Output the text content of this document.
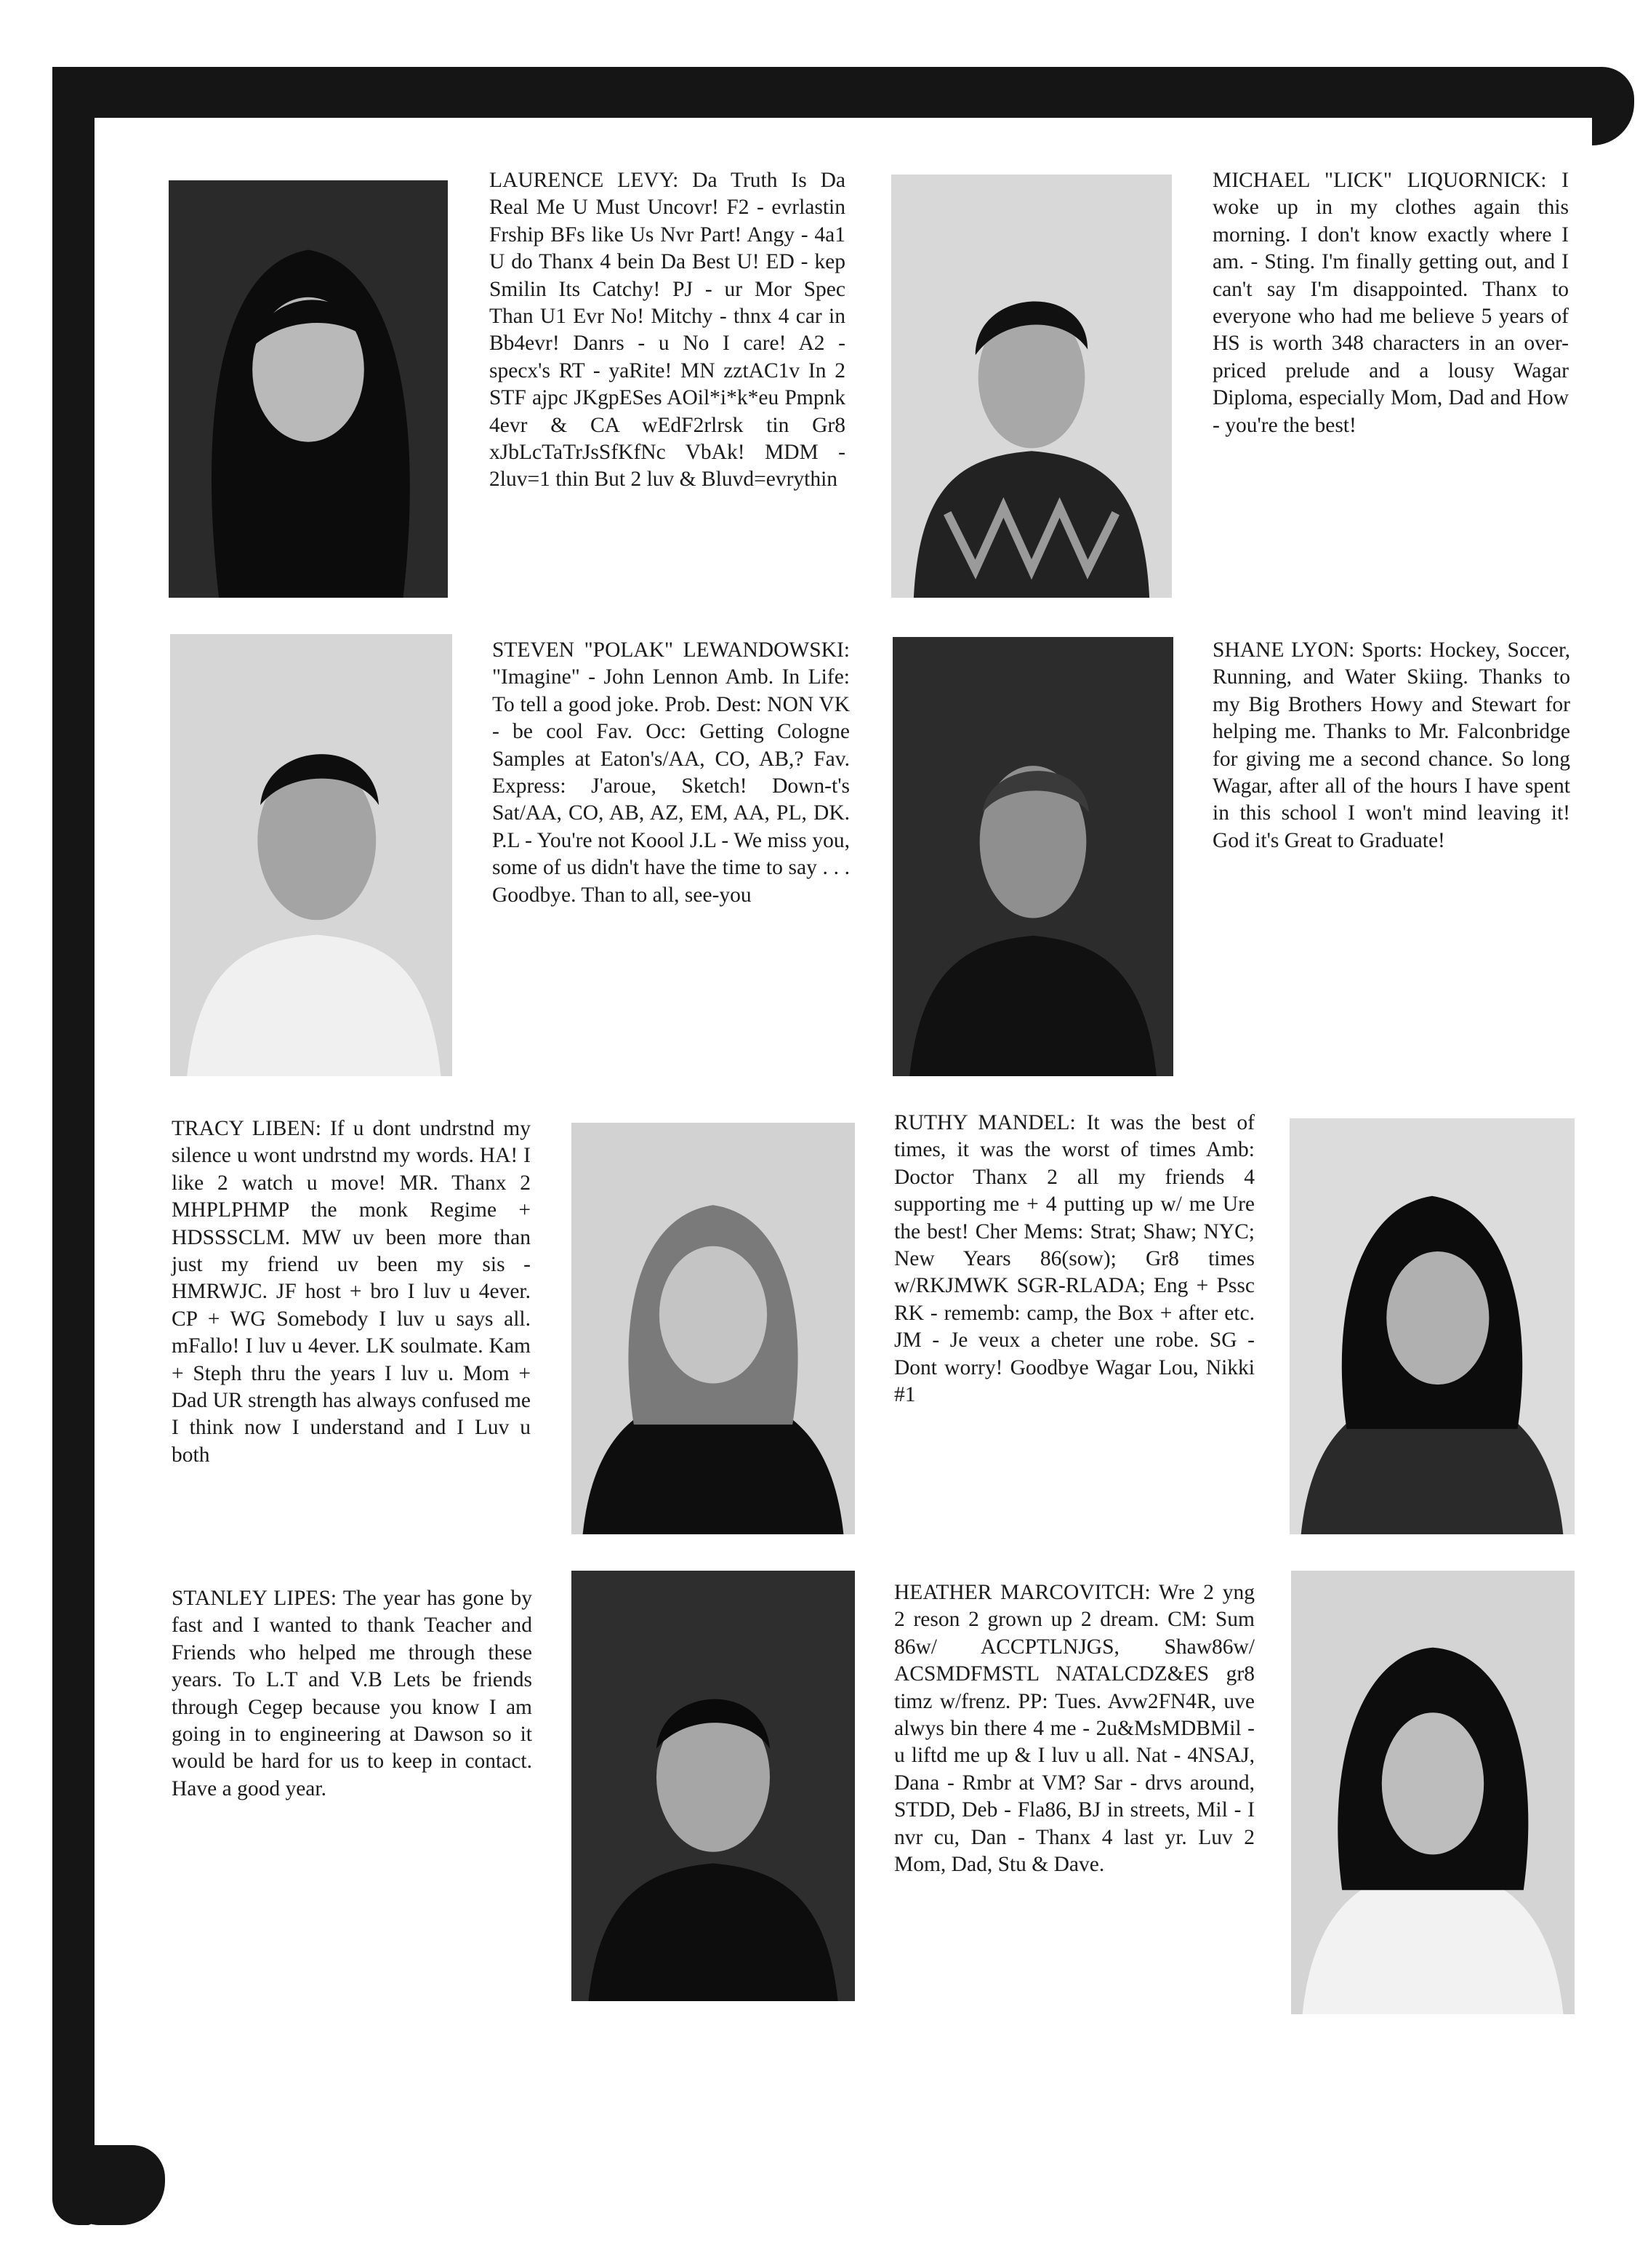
LAURENCE LEVY: Da Truth Is Da Real Me U Must Uncovr! F2 - evrlastin Frship BFs like Us Nvr Part! Angy - 4a1 U do Thanx 4 bein Da Best U! ED - kep Smilin Its Catchy! PJ - ur Mor Spec Than U1 Evr No! Mitchy - thnx 4 car in Bb4evr! Danrs - u No I care! A2 - specx's RT - yaRite! MN zztAC1v In 2 STF ajpc JKgpESes AOil*i*k*eu Pmpnk 4evr & CA wEdF2rlrsk tin Gr8 xJbLcTaTrJsSfKfNc VbAk! MDM - 2luv=1 thin But 2 luv & Bluvd=evrythin

MICHAEL "LICK" LIQUORNICK: I woke up in my clothes again this morning. I don't know exactly where I am. - Sting. I'm finally getting out, and I can't say I'm disappointed. Thanx to everyone who had me believe 5 years of HS is worth 348 characters in an over-priced prelude and a lousy Wagar Diploma, especially Mom, Dad and How - you're the best!

STEVEN "POLAK" LEWANDOWSKI: "Imagine" - John Lennon Amb. In Life: To tell a good joke. Prob. Dest: NON VK - be cool Fav. Occ: Getting Cologne Samples at Eaton's/AA, CO, AB,? Fav. Express: J'aroue, Sketch! Down-t's Sat/AA, CO, AB, AZ, EM, AA, PL, DK. P.L - You're not Koool J.L - We miss you, some of us didn't have the time to say . . . Goodbye. Than to all, see-you

SHANE LYON: Sports: Hockey, Soccer, Running, and Water Skiing. Thanks to my Big Brothers Howy and Stewart for helping me. Thanks to Mr. Falconbridge for giving me a second chance. So long Wagar, after all of the hours I have spent in this school I won't mind leaving it! God it's Great to Graduate!

TRACY LIBEN: If u dont undrstnd my silence u wont undrstnd my words. HA! I like 2 watch u move! MR. Thanx 2 MHPLPHMP the monk Regime + HDSSSCLM. MW uv been more than just my friend uv been my sis - HMRWJC. JF host + bro I luv u 4ever. CP + WG Somebody I luv u says all. mFallo! I luv u 4ever. LK soulmate. Kam + Steph thru the years I luv u. Mom + Dad UR strength has always confused me I think now I understand and I Luv u both

RUTHY MANDEL: It was the best of times, it was the worst of times Amb: Doctor Thanx 2 all my friends 4 supporting me + 4 putting up w/ me Ure the best! Cher Mems: Strat; Shaw; NYC; New Years 86(sow); Gr8 times w/RKJMWK SGR-RLADA; Eng + Pssc RK - rememb: camp, the Box + after etc. JM - Je veux a cheter une robe. SG - Dont worry! Goodbye Wagar Lou, Nikki #1

STANLEY LIPES: The year has gone by fast and I wanted to thank Teacher and Friends who helped me through these years. To L.T and V.B Lets be friends through Cegep because you know I am going in to engineering at Dawson so it would be hard for us to keep in contact. Have a good year.

HEATHER MARCOVITCH: Wre 2 yng 2 reson 2 grown up 2 dream. CM: Sum 86w/ ACCPTLNJGS, Shaw86w/ ACSMDFMSTL NATALCDZ&ES gr8 timz w/frenz. PP: Tues. Avw2FN4R, uve alwys bin there 4 me - 2u&MsMDBMil - u liftd me up & I luv u all. Nat - 4NSAJ, Dana - Rmbr at VM? Sar - drvs around, STDD, Deb - Fla86, BJ in streets, Mil - I nvr cu, Dan - Thanx 4 last yr. Luv 2 Mom, Dad, Stu & Dave.
